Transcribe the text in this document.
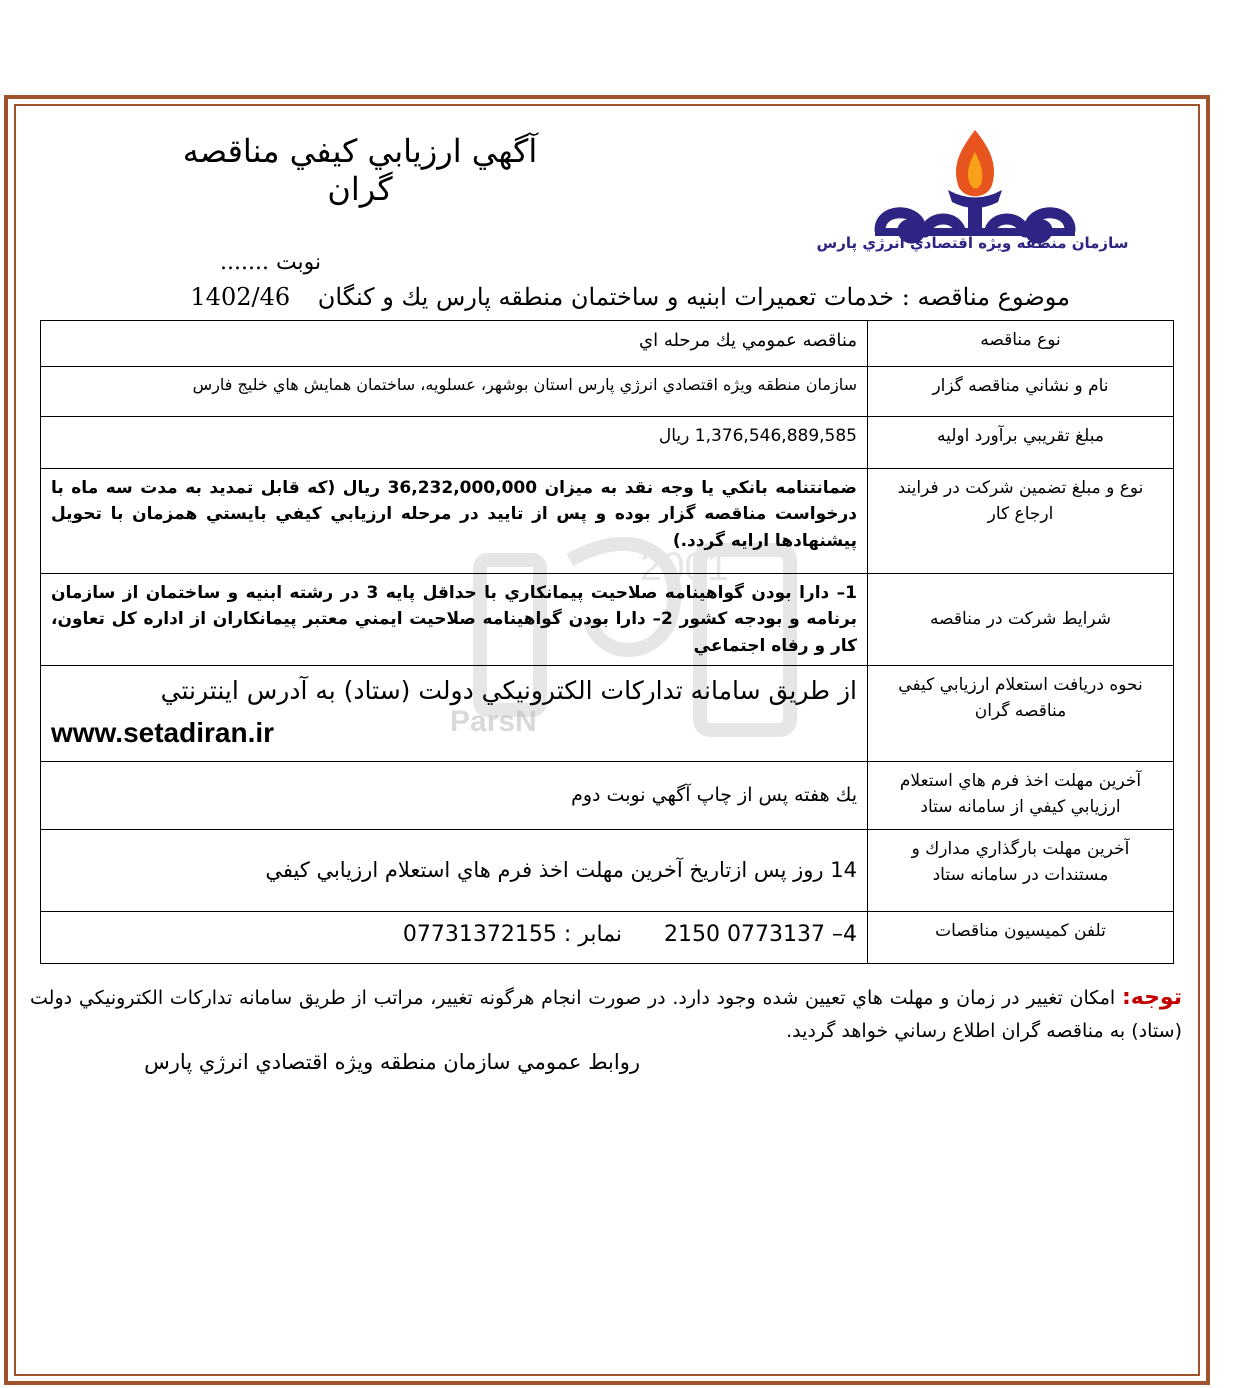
آگهي ارزيابي كيفي مناقصه گران
سازمان منطقه ويژه اقتصادي انرژي پارس
نوبت .......
موضوع مناقصه : خدمات تعميرات ابنيه و ساختمان منطقه پارس يك و كنگان 1402/46
2001
ParsN
نوع مناقصه	مناقصه عمومي يك مرحله اي
نام و نشاني مناقصه گزار	سازمان منطقه ويژه اقتصادي انرژي پارس استان بوشهر، عسلويه، ساختمان همايش هاي خليج فارس
مبلغ تقريبي برآورد اوليه	1,376,546,889,585 ريال
نوع و مبلغ تضمين شركت در فرايند ارجاع كار	ضمانتنامه بانكي يا وجه نقد به ميزان 36,232,000,000 ريال (كه قابل تمديد به مدت سه ماه با درخواست مناقصه گزار بوده و پس از تاييد در مرحله ارزيابي كيفي بايستي همزمان با تحويل پيشنهادها ارايه گردد.)
شرايط شركت در مناقصه	1– دارا بودن گواهينامه صلاحيت پيمانكاري با حداقل پايه 3 در رشته ابنيه و ساختمان از سازمان برنامه و بودجه كشور 2– دارا بودن گواهينامه صلاحيت ايمني معتبر پيمانكاران از اداره كل تعاون، كار و رفاه اجتماعي
نحوه دريافت استعلام ارزيابي كيفي مناقصه گران	از طريق سامانه تداركات الكترونيكي دولت (ستاد) به آدرس اينترنتي
www.setadiran.ir

آخرين مهلت اخذ فرم هاي استعلام ارزيابي كيفي از سامانه ستاد	يك هفته پس از چاپ آگهي نوبت دوم
آخرين مهلت بارگذاري مدارك و مستندات در سامانه ستاد	14 روز پس ازتاريخ آخرين مهلت اخذ فرم هاي استعلام ارزيابي كيفي
تلفن كميسيون مناقصات	4– 0773137 2150      نمابر : 07731372155
توجه: امكان تغيير در زمان و مهلت هاي تعيين شده وجود دارد. در صورت انجام هرگونه تغيير، مراتب از طريق سامانه تداركات الكترونيكي دولت (ستاد) به مناقصه گران اطلاع رساني خواهد گرديد.
روابط عمومي سازمان منطقه ويژه اقتصادي انرژي پارس
